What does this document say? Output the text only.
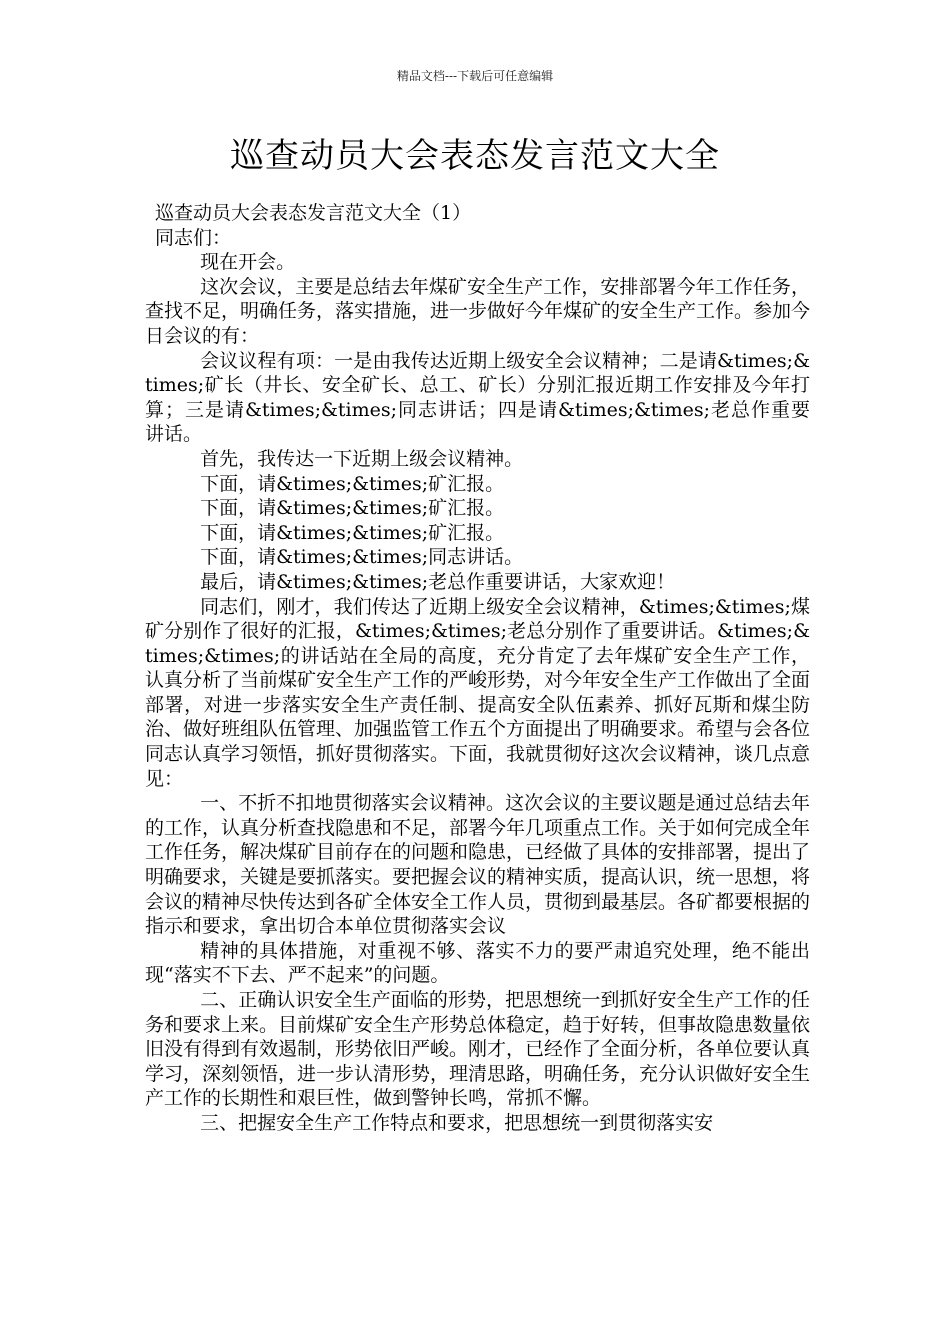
精品文档---下载后可任意编辑
巡查动员大会表态发言范文大全

巡查动员大会表态发言范文大全（1）

同志们：

现在开会。

这次会议，主要是总结去年煤矿安全生产工作，安排部署今年工作任务，查找不足，明确任务，落实措施，进一步做好今年煤矿的安全生产工作。参加今日会议的有：

会议议程有项：一是由我传达近期上级安全会议精神；二是请&times;&times;矿长（井长、安全矿长、总工、矿长）分别汇报近期工作安排及今年打算；三是请&times;&times;同志讲话；四是请&times;&times;老总作重要讲话。

首先，我传达一下近期上级会议精神。

下面，请&times;&times;矿汇报。

下面，请&times;&times;矿汇报。

下面，请&times;&times;矿汇报。

下面，请&times;&times;同志讲话。

最后，请&times;&times;老总作重要讲话，大家欢迎！

同志们，刚才，我们传达了近期上级安全会议精神，&times;&times;煤矿分别作了很好的汇报，&times;&times;老总分别作了重要讲话。&times;&times;&times;的讲话站在全局的高度，充分肯定了去年煤矿安全生产工作，认真分析了当前煤矿安全生产工作的严峻形势，对今年安全生产工作做出了全面部署，对进一步落实安全生产责任制、提高安全队伍素养、抓好瓦斯和煤尘防治、做好班组队伍管理、加强监管工作五个方面提出了明确要求。希望与会各位同志认真学习领悟，抓好贯彻落实。下面，我就贯彻好这次会议精神，谈几点意见：

一、不折不扣地贯彻落实会议精神。这次会议的主要议题是通过总结去年的工作，认真分析查找隐患和不足，部署今年几项重点工作。关于如何完成全年工作任务，解决煤矿目前存在的问题和隐患，已经做了具体的安排部署，提出了明确要求，关键是要抓落实。要把握会议的精神实质，提高认识，统一思想，将会议的精神尽快传达到各矿全体安全工作人员，贯彻到最基层。各矿都要根据的指示和要求，拿出切合本单位贯彻落实会议

精神的具体措施，对重视不够、落实不力的要严肃追究处理，绝不能出现“落实不下去、严不起来”的问题。

二、正确认识安全生产面临的形势，把思想统一到抓好安全生产工作的任务和要求上来。目前煤矿安全生产形势总体稳定，趋于好转，但事故隐患数量依旧没有得到有效遏制，形势依旧严峻。刚才，已经作了全面分析，各单位要认真学习，深刻领悟，进一步认清形势，理清思路，明确任务，充分认识做好安全生产工作的长期性和艰巨性，做到警钟长鸣，常抓不懈。

三、把握安全生产工作特点和要求，把思想统一到贯彻落实安
